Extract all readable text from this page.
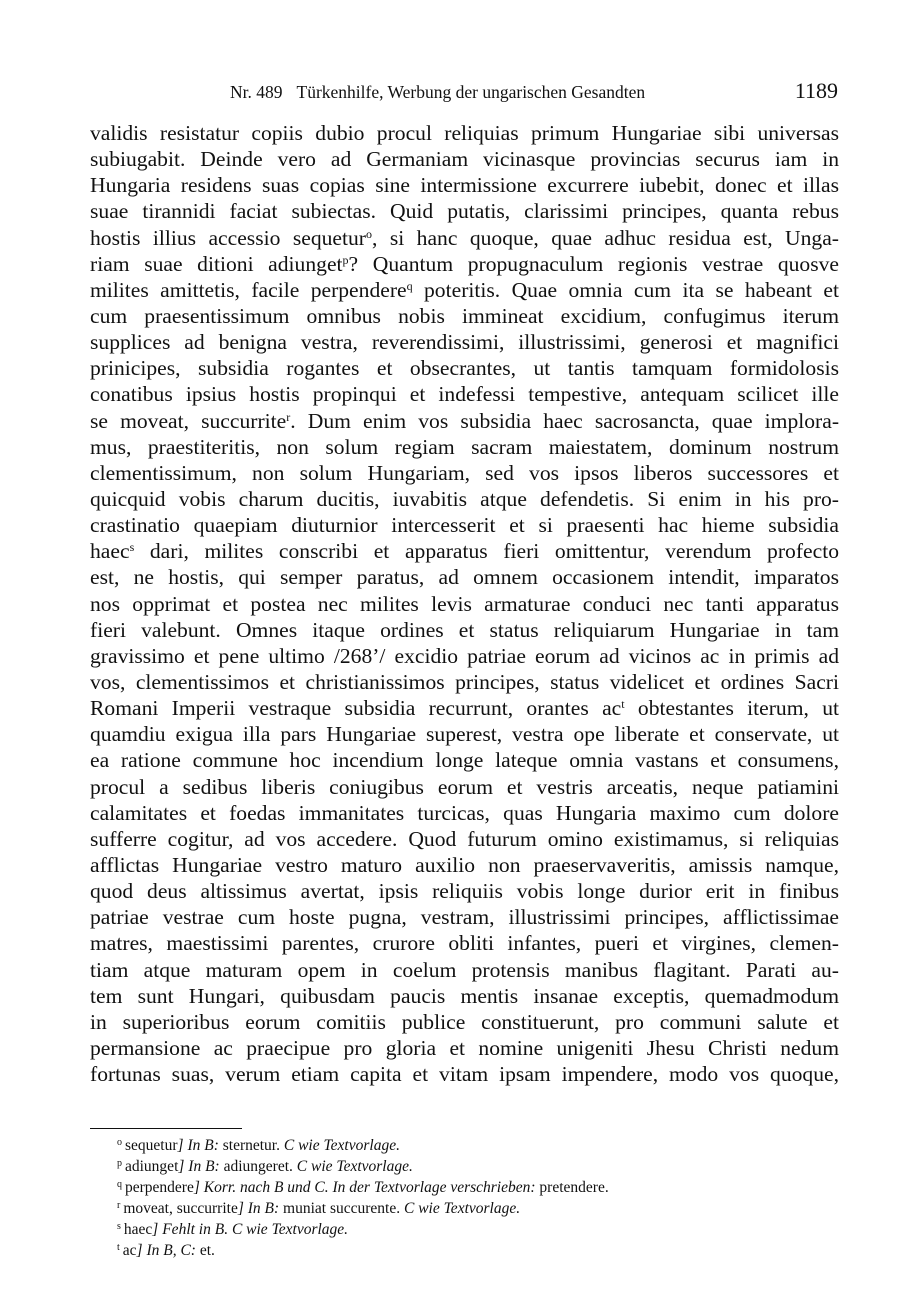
Nr. 489 Türkenhilfe, Werbung der ungarischen Gesandten	1189
validis resistatur copiis dubio procul reliquias primum Hungariae sibi universas
subiugabit. Deinde vero ad Germaniam vicinasque provincias securus iam in
Hungaria residens suas copias sine intermissione excurrere iubebit, donec et illas
suae tirannidi faciat subiectas. Quid putatis, clarissimi principes, quanta rebus
hostis illius accessio sequetur$^o$, si hanc quoque, quae adhuc residua est, Unga-
riam suae ditioni adiunget$^p$? Quantum propugnaculum regionis vestrae quosve
milites amittetis, facile perpendere$^q$ poteritis. Quae omnia cum ita se habeant et
cum praesentissimum omnibus nobis immineat excidium, confugimus iterum
supplices ad benigna vestra, reverendissimi, illustrissimi, generosi et magnifici
prinicipes, subsidia rogantes et obsecrantes, ut tantis tamquam formidolosis
conatibus ipsius hostis propinqui et indefessi tempestive, antequam scilicet ille
se moveat, succurrite$^r$. Dum enim vos subsidia haec sacrosancta, quae implora-
mus, praestiteritis, non solum regiam sacram maiestatem, dominum nostrum
clementissimum, non solum Hungariam, sed vos ipsos liberos successores et
quicquid vobis charum ducitis, iuvabitis atque defendetis. Si enim in his pro-
crastinatio quaepiam diuturnior intercesserit et si praesenti hac hieme subsidia
haec$^s$ dari, milites conscribi et apparatus fieri omittentur, verendum profecto
est, ne hostis, qui semper paratus, ad omnem occasionem intendit, imparatos
nos opprimat et postea nec milites levis armaturae conduci nec tanti apparatus
fieri valebunt. Omnes itaque ordines et status reliquiarum Hungariae in tam
gravissimo et pene ultimo /268’/ excidio patriae eorum ad vicinos ac in primis ad
vos, clementissimos et christianissimos principes, status videlicet et ordines Sacri
Romani Imperii vestraque subsidia recurrunt, orantes ac$^t$ obtestantes iterum, ut
quamdiu exigua illa pars Hungariae superest, vestra ope liberate et conservate, ut
ea ratione commune hoc incendium longe lateque omnia vastans et consumens,
procul a sedibus liberis coniugibus eorum et vestris arceatis, neque patiamini
calamitates et foedas immanitates turcicas, quas Hungaria maximo cum dolore
sufferre cogitur, ad vos accedere. Quod futurum omino existimamus, si reliquias
afflictas Hungariae vestro maturo auxilio non praeservaveritis, amissis namque,
quod deus altissimus avertat, ipsis reliquiis vobis longe durior erit in finibus
patriae vestrae cum hoste pugna, vestram, illustrissimi principes, afflictissimae
matres, maestissimi parentes, crurore obliti infantes, pueri et virgines, clemen-
tiam atque maturam opem in coelum protensis manibus flagitant. Parati au-
tem sunt Hungari, quibusdam paucis mentis insanae exceptis, quemadmodum
in superioribus eorum comitiis publice constituerunt, pro communi salute et
permansione ac praecipue pro gloria et nomine unigeniti Jhesu Christi nedum
fortunas suas, verum etiam capita et vitam ipsam impendere, modo vos quoque,
$^o$ sequetur] In B: sternetur. C wie Textvorlage.
$^p$ adiunget] In B: adiungeret. C wie Textvorlage.
$^q$ perpendere] Korr. nach B und C. In der Textvorlage verschrieben: pretendere.
$^r$ moveat, succurrite] In B: muniat succurente. C wie Textvorlage.
$^s$ haec] Fehlt in B. C wie Textvorlage.
$^t$ ac] In B, C: et.
